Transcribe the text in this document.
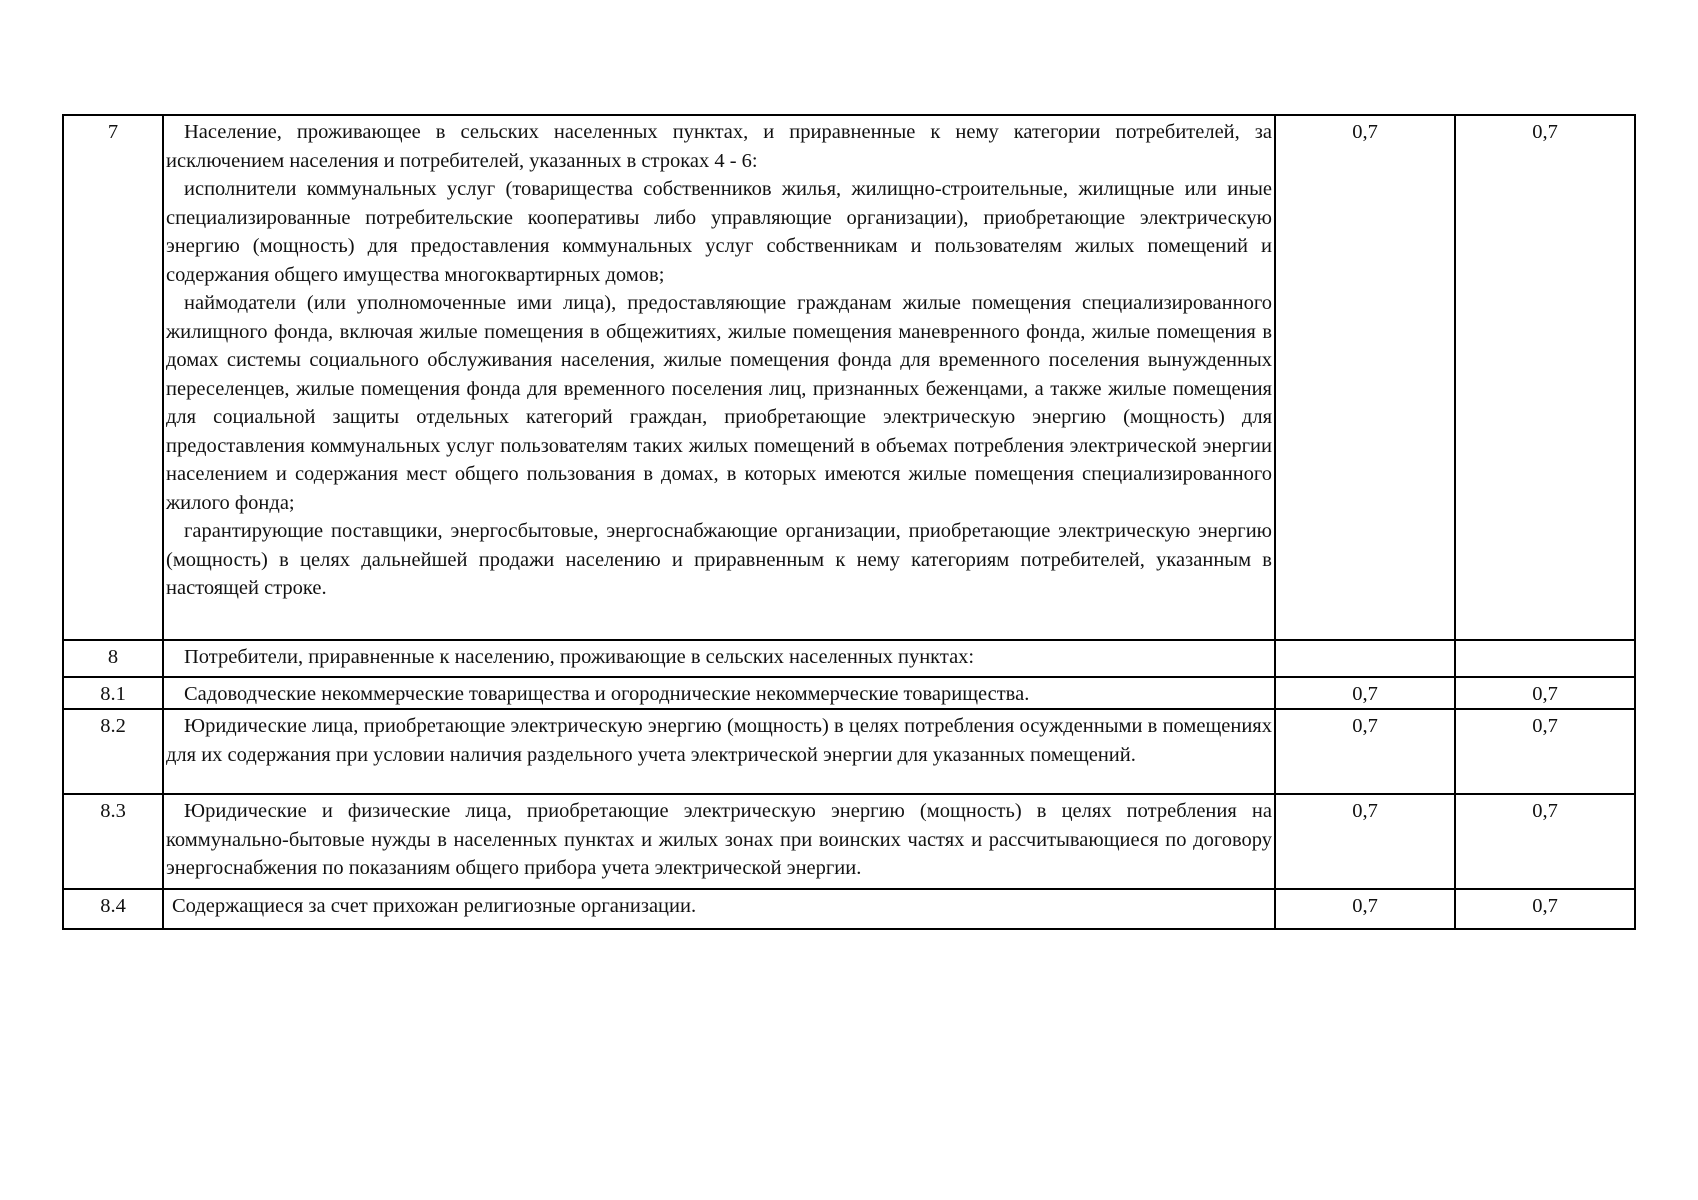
7	Население, проживающее в сельских населенных пунктах, и приравненные к нему категории потребителей, за исключением населения и потребителей, указанных в строках 4 - 6:

исполнители коммунальных услуг (товарищества собственников жилья, жилищно-строительные, жилищные или иные специализированные потребительские кооперативы либо управляющие организации), приобретающие электрическую энергию (мощность) для предоставления коммунальных услуг собственникам и пользователям жилых помещений и содержания общего имущества многоквартирных домов;

наймодатели (или уполномоченные ими лица), предоставляющие гражданам жилые помещения специализированного жилищного фонда, включая жилые помещения в общежитиях, жилые помещения маневренного фонда, жилые помещения в домах системы социального обслуживания населения, жилые помещения фонда для временного поселения вынужденных переселенцев, жилые помещения фонда для временного поселения лиц, признанных беженцами, а также жилые помещения для социальной защиты отдельных категорий граждан, приобретающие электрическую энергию (мощность) для предоставления коммунальных услуг пользователям таких жилых помещений в объемах потребления электрической энергии населением и содержания мест общего пользования в домах, в которых имеются жилые помещения специализированного жилого фонда;

гарантирующие поставщики, энергосбытовые, энергоснабжающие организации, приобретающие электрическую энергию (мощность) в целях дальнейшей продажи населению и приравненным к нему категориям потребителей, указанным в настоящей строке.	0,7	0,7
8	Потребители, приравненные к населению, проживающие в сельских населенных пунктах:		

8.1	Садоводческие некоммерческие товарищества и огороднические некоммерческие товарищества.	0,7	0,7
8.2	Юридические лица, приобретающие электрическую энергию (мощность) в целях потребления осужденными в помещениях для их содержания при условии наличия раздельного учета электрической энергии для указанных помещений.	0,7	0,7
8.3	Юридические и физические лица, приобретающие электрическую энергию (мощность) в целях потребления на коммунально-бытовые нужды в населенных пунктах и жилых зонах при воинских частях и рассчитывающиеся по договору энергоснабжения по показаниям общего прибора учета электрической энергии.	0,7	0,7
8.4	Содержащиеся за счет прихожан религиозные организации.	0,7	0,7
